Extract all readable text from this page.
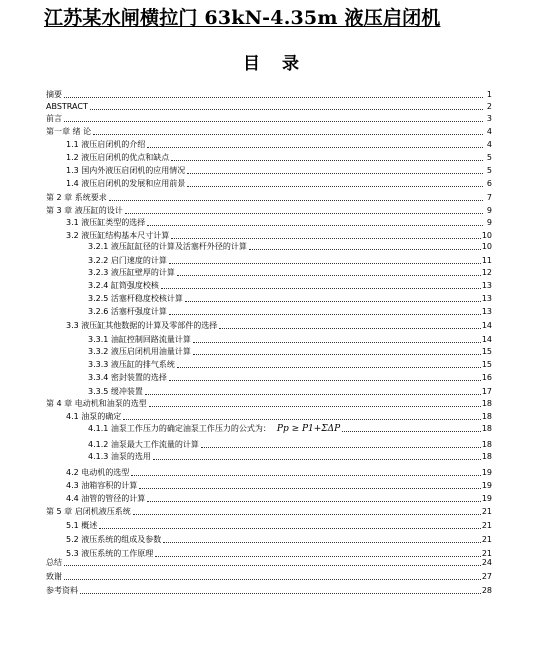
江苏某水闸横拉门 63kN-4.35m 液压启闭机
目 录
摘要	1
ABSTRACT	2
前言	3
第一章 绪 论	4
1.1 液压启闭机的介绍	4
1.2 液压启闭机的优点和缺点	5
1.3 国内外液压启闭机的应用情况	5
1.4 液压启闭机的发展和应用前景	6
第 2 章 系统要求	7
第 3 章 液压缸的设计	9
3.1 液压缸类型的选择	9
3.2 液压缸结构基本尺寸计算	10
3.2.1 液压缸缸径的计算及活塞杆外径的计算	10
3.2.2 启门速度的计算	11
3.2.3 液压缸壁厚的计算	12
3.2.4 缸筒强度校核	13
3.2.5 活塞杆稳度校核计算	13
3.2.6 活塞杆强度计算	13
3.3 液压缸其他数据的计算及零部件的选择	14
3.3.1 油缸控制回路流量计算	14
3.3.2 液压启闭机用油量计算	15
3.3.3 液压缸的排气系统	15
3.3.4 密封装置的选择	16
3.3.5 缓冲装置	17
第 4 章 电动机和油泵的选型	18
4.1 油泵的确定	18
4.1.1 油泵工作压力的确定油泵工作压力的公式为： Pp ≥ P1+ΣΔP	18
4.1.2 油泵最大工作流量的计算	18
4.1.3 油泵的选用	18
4.2 电动机的选型	19
4.3 油箱容积的计算	19
4.4 油管的管径的计算	19
第 5 章 启闭机液压系统	21
5.1 概述	21
5.2 液压系统的组成及参数	21
5.3 液压系统的工作原理	21
总结	24
致谢	27
参考资料	28
